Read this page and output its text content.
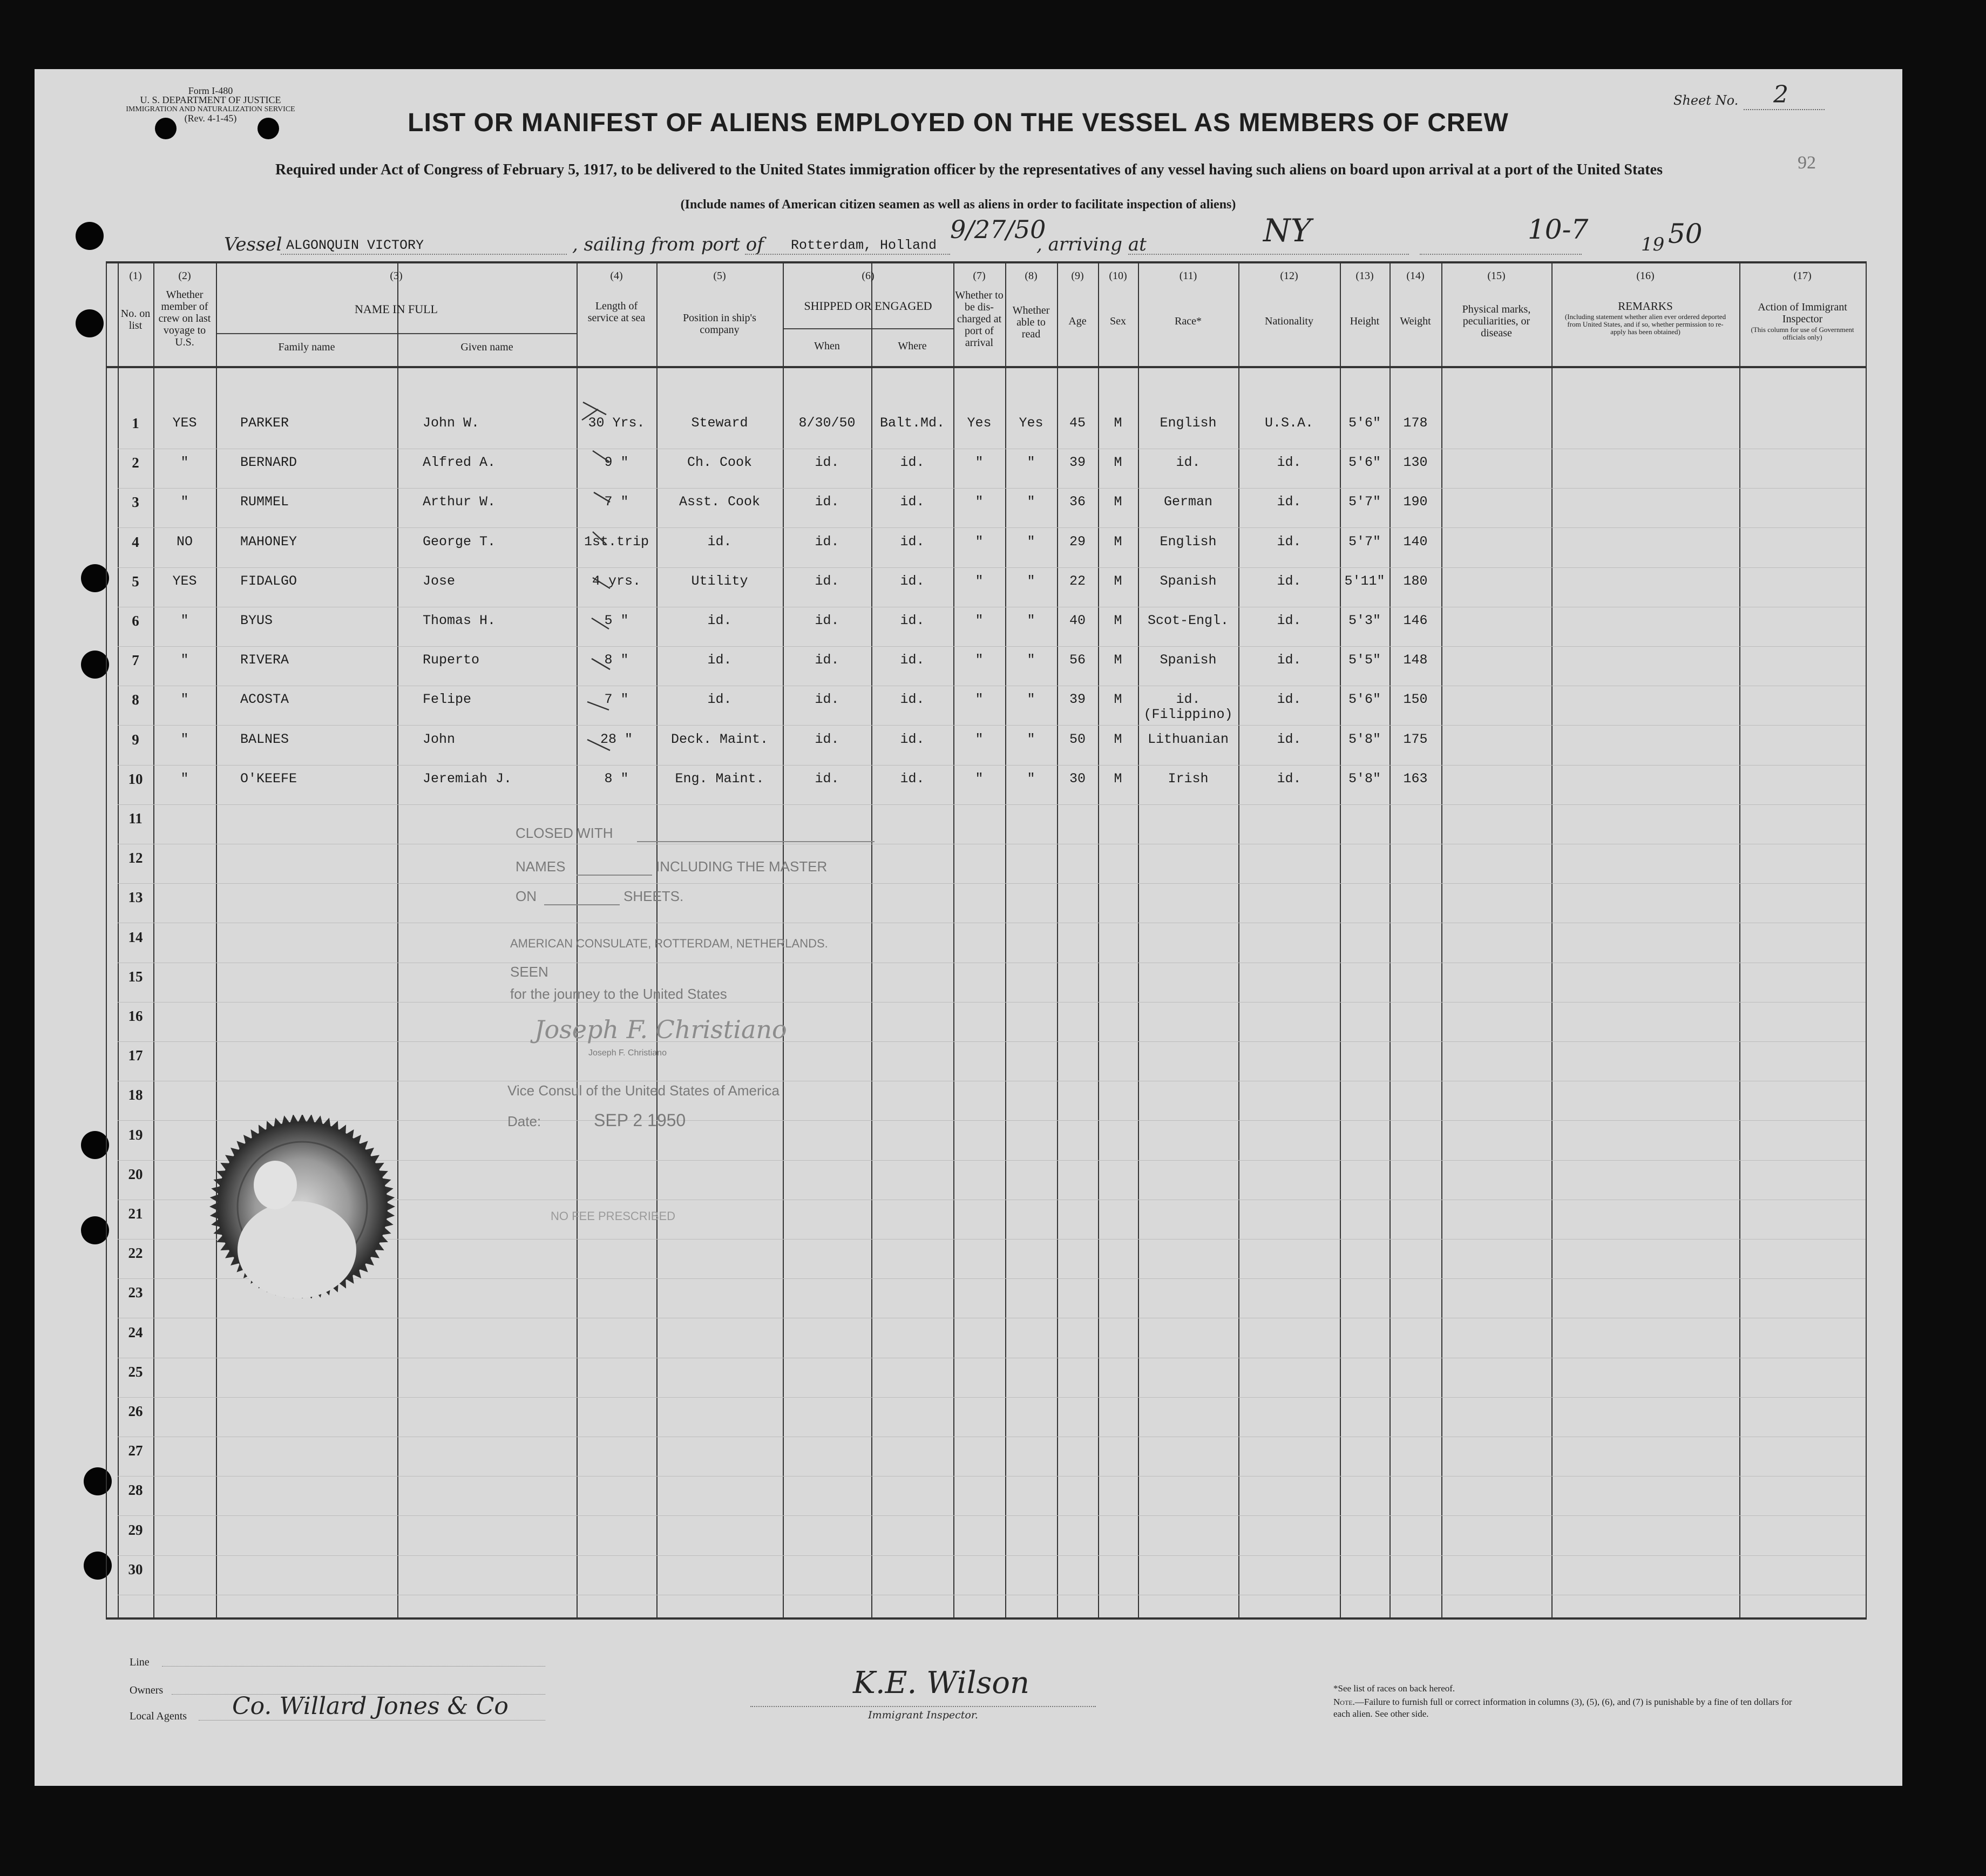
Form I-480
U. S. DEPARTMENT OF JUSTICE
IMMIGRATION AND NATURALIZATION SERVICE
(Rev. 4-1-45)
Sheet No. 2
92
LIST OR MANIFEST OF ALIENS EMPLOYED ON THE VESSEL AS MEMBERS OF CREW
Required under Act of Congress of February 5, 1917, to be delivered to the United States immigration officer by the representatives of any vessel having such aliens on board upon arrival at a port of the United States
(Include names of American citizen seamen as well as aliens in order to facilitate inspection of aliens)
Vessel ALGONQUIN VICTORY	, sailing from port of Rotterdam, Holland
9/27/50
, arriving at	NY	10-7	19 50
(1)
No. on list
(2)
Whether member of crew on last voyage to U.S.
(3)
NAME IN FULL
Family name	Given name
(4)
Length of service at sea
(5)
Position in ship's company
(6)
SHIPPED OR ENGAGED
When	Where
(7)
Whether to be dis-charged at port of arrival
(8)
Whether able to read
(9)
Age
(10)
Sex
(11)
Race*
(12)
Nationality
(13)
Height
(14)
Weight
(15)
Physical marks, peculiarities, or disease
(16)
REMARKS
(Including statement whether alien ever ordered deported from United States, and if so, whether permission to re-apply has been obtained)
(17)
Action of Immigrant Inspector
(This column for use of Government officials only)
1	YES	PARKER	John W.	30 Yrs.	Steward	8/30/50	Balt.Md.	Yes	Yes	45	M	English	U.S.A.	5'6"	178
2	"	BERNARD	Alfred A.	9 "	Ch. Cook	id.	id.	"	"	39	M	id.	id.	5'6"	130
3	"	RUMMEL	Arthur W.	7 "	Asst. Cook	id.	id.	"	"	36	M	German	id.	5'7"	190
4	NO	MAHONEY	George T.	1st.trip	id.	id.	id.	"	"	29	M	English	id.	5'7"	140
5	YES	FIDALGO	Jose	4 yrs.	Utility	id.	id.	"	"	22	M	Spanish	id.	5'11"	180
6	"	BYUS	Thomas H.	5 "	id.	id.	id.	"	"	40	M	Scot-Engl.	id.	5'3"	146
7	"	RIVERA	Ruperto	8 "	id.	id.	id.	"	"	56	M	Spanish	id.	5'5"	148
8	"	ACOSTA	Felipe	7 "	id.	id.	id.	"	"	39	M	id.	id.	5'6"	150
(Filippino)
9	"	BALNES	John	28 "	Deck. Maint.	id.	id.	"	"	50	M	Lithuanian	id.	5'8"	175
10	"	O'KEEFE	Jeremiah J.	8 "	Eng. Maint.	id.	id.	"	"	30	M	Irish	id.	5'8"	163
11
12
13
14
15
16
17
18
19
20
21
22
23
24
25
26
27
28
29
30
CLOSED WITH
NAMES	INCLUDING THE MASTER
ON	SHEETS.
AMERICAN CONSULATE, ROTTERDAM, NETHERLANDS.
SEEN
for the journey to the United States
Joseph F. Christiano
Joseph F. Christiano
Vice Consul of the United States of America
Date:	SEP 2 1950
NO FEE PRESCRIBED
Line
Owners
Local Agents Co. Willard Jones & Co
K.E. Wilson
Immigrant Inspector.
*See list of races on back hereof.
Note.—Failure to furnish full or correct information in columns (3), (5), (6), and (7) is punishable by a fine of ten dollars for each alien. See other side.
